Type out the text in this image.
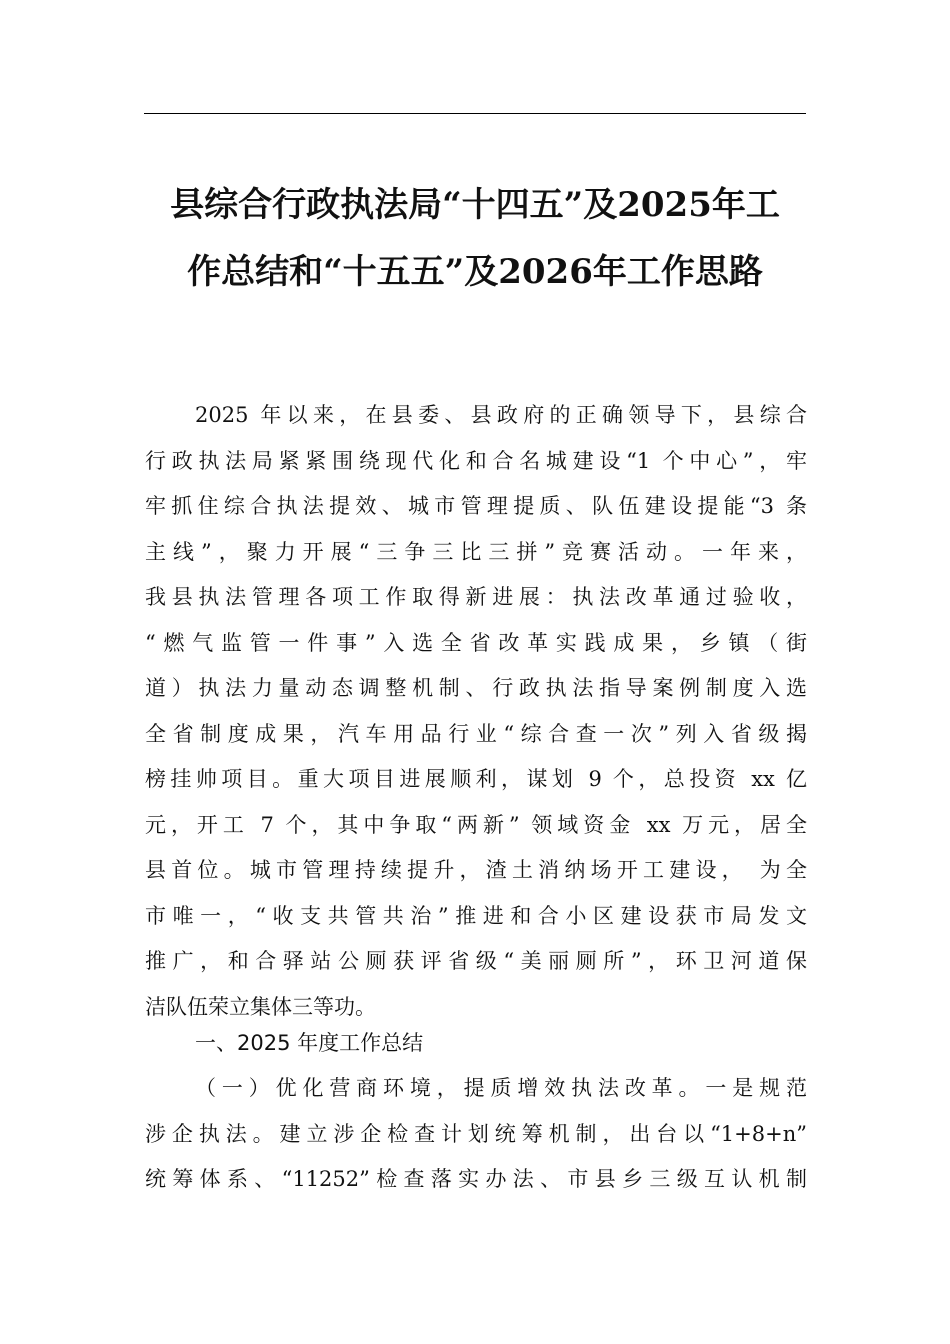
县综合行政执法局“十四五”及2025年工
作总结和“十五五”及2026年工作思路
2025 年以来，在县委、县政府的正确领导下，县综合
行政执法局紧紧围绕现代化和合名城建设“1 个中心”，牢
牢抓住综合执法提效、城市管理提质、队伍建设提能“3 条
主线”，聚力开展“三争三比三拼”竞赛活动。一年来，
我县执法管理各项工作取得新进展：执法改革通过验收，
“燃气监管一件事”入选全省改革实践成果，乡镇（街
道）执法力量动态调整机制、行政执法指导案例制度入选
全省制度成果，汽车用品行业“综合查一次”列入省级揭
榜挂帅项目。重大项目进展顺利，谋划 9 个，总投资 xx 亿
元，开工 7 个，其中争取“两新” 领域资金 xx 万元，居全
县首位。城市管理持续提升，渣土消纳场开工建设， 为全
市唯一，“收支共管共治”推进和合小区建设获市局发文
推广，和合驿站公厕获评省级“美丽厕所”，环卫河道保
洁队伍荣立集体三等功。
一、2025 年度工作总结
（一）优化营商环境，提质增效执法改革。一是规范
涉企执法。建立涉企检查计划统筹机制，出台以“1+8+n”
统筹体系、“11252”检查落实办法、市县乡三级互认机制
